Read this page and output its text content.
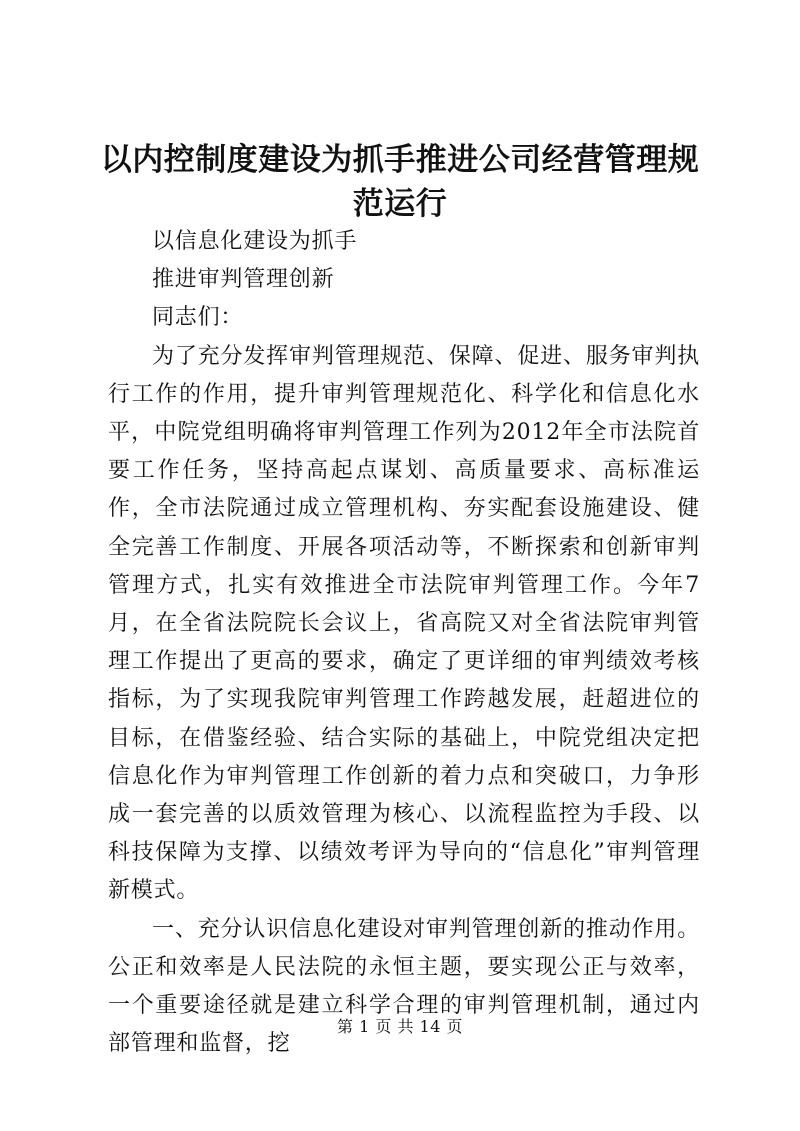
以内控制度建设为抓手推进公司经营管理规范运行

以信息化建设为抓手

推进审判管理创新

同志们：

为了充分发挥审判管理规范、保障、促进、服务审判执行工作的作用，提升审判管理规范化、科学化和信息化水平，中院党组明确将审判管理工作列为2012年全市法院首要工作任务，坚持高起点谋划、高质量要求、高标准运作，全市法院通过成立管理机构、夯实配套设施建设、健全完善工作制度、开展各项活动等，不断探索和创新审判管理方式，扎实有效推进全市法院审判管理工作。今年7月，在全省法院院长会议上，省高院又对全省法院审判管理工作提出了更高的要求，确定了更详细的审判绩效考核指标，为了实现我院审判管理工作跨越发展，赶超进位的目标，在借鉴经验、结合实际的基础上，中院党组决定把信息化作为审判管理工作创新的着力点和突破口，力争形成一套完善的以质效管理为核心、以流程监控为手段、以科技保障为支撑、以绩效考评为导向的“信息化”审判管理新模式。

一、充分认识信息化建设对审判管理创新的推动作用。公正和效率是人民法院的永恒主题，要实现公正与效率，一个重要途径就是建立科学合理的审判管理机制，通过内部管理和监督，挖

第 1 页 共 14 页
